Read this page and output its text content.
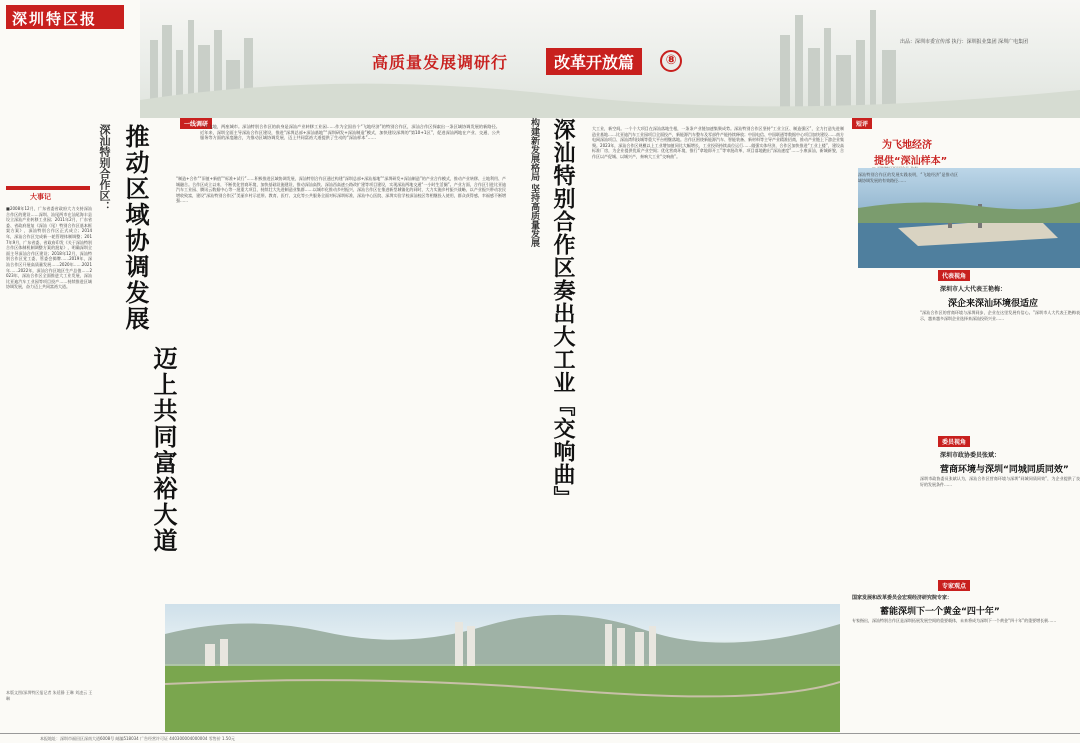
深圳特区报
高质量发展调研行	改革开放篇	⑧
出品：深圳市委宣传部 执行：深圳报业集团 深圳广电集团
大事记
■2008年12月，广东省委省政府大力支持深汕合作区的建设……深圳、汕尾两市在汕尾海丰县设立深汕产业转移工业园；2011年2月，广东省委、省政府批复《深汕（尾）特别合作区基本框架方案》，深汕特别合作区正式成立；2014年，深汕合作区完成新一轮管理体制调整；2017年9月，广东省委、省政府印发《关于深汕特别合作区体制机制调整方案的批复》，明确深圳全面主导深汕合作区建设；2018年12月，深汕特别合作区党工委、管委会揭牌……2019年，深汕合作区开展高质量发展……2020年……2021年……2022年，深汕合作区地区生产总值……2023年，深汕合作区全面推进大工业发展，深汕比亚迪汽车工业园等项目投产……持续推进区域协调发展，奋力迈上共同富裕大道。
本版文图/深圳特区报记者 朱延静 王琳 刘凌云 王琳
深汕特别合作区： 推动区域协调发展
迈上共同富裕大道
一线调研
一个飞地，两座城市。深汕特别合作区的前身是深汕产业转移工业园……作为全国首个“飞地经济”的特别合作区，深汕合作区探索出一条区域协调发展的新路径。近年来，深圳全面主导深汕合作区建设，推进“深圳总部+深汕基地”“深圳研发+深汕制造”模式，加快建设深圳的“第10+1区”，促进深汕两地在产业、交通、公共服务等方面的深度融合，为推动区域协调发展、迈上共同富裕大道提供了生动的“深汕样本”……
“制造+合作”“旧值+新值”“标准+试行”……积极推进区域协调发展，深汕特别合作区通过构建“深圳总部+深汕基地”“深圳研发+深汕制造”的产业合作模式，推动产业转移、土地利用、产城融合。合作区成立以来，不断优化营商环境，加快基础设施建设，推动深汕高铁、深汕西高速公路改扩建等项目建设，实现深汕两地交通“一小时生活圈”。产业方面，合作区引进比亚迪汽车工业园、腾讯云数据中心等一批重大项目，持续壮大先进制造业集群……以城市化推动乡村振兴，深汕合作区在推进新型城镇化的同时，大力实施乡村振兴战略，以产业振兴带动农民增收致富，建设“深汕特别合作区”美丽乡村示范带。教育、医疗、文化等公共服务全面对标深圳标准，深汕中心医院、深圳实验学校深汕校区等相继投入使用，群众获得感、幸福感不断增强……	构建新发展格局 坚持高质量发展 深汕特别合作区奏出大工业『交响曲』	大工业，新空间。一个个大项目在深汕落地生根，一条条产业链加速集聚成势。深汕特别合作区坚持“工业立区、制造强区”，全力打造先进制造业基地……比亚迪汽车工业园项目全面投产，新能源汽车整车及零部件产能持续释放；中国电信、中国联通等数据中心项目加快建设……南方电网深汕项目、深汕湾科技城等重大平台相继落地。合作区围绕新能源汽车、智能装备、新材料等主导产业精准招商，推动产业链上下游企业集聚。2023年，深汕合作区规模以上工业增加值同比大幅增长，工业投资持续高位运行……做强实体经济，合作区加快推进“工业上楼”，建设高标准厂房，为企业提供优质产业空间；优化营商环境，推行“拿地即开工”等审批改革，项目落地跑出“深汕速度”……小康深汕，新城新貌，合作区以产促城、以城兴产，奏响大工业“交响曲”。
短评
为飞地经济
提供“深汕样本”
深汕特别合作区的发展实践表明，“飞地经济”是推动区域协调发展的有效路径……
代表视角
深圳市人大代表王艳梅：
深企来深汕环境很适应
“深汕合作区的营商环境与深圳同步，企业在这里发展有信心。”深圳市人大代表王艳梅表示，越来越多深圳企业选择来深汕投资兴业……
委员视角
深圳市政协委员张斌：
营商环境与深圳“同城同质同效”
深圳市政协委员张斌认为，深汕合作区营商环境与深圳“同城同质同效”，为企业提供了良好的发展条件……
专家观点
国家发展和改革委员会宏观经济研究院专家：
蓄能深圳下一个黄金“四十年”
专家指出，深汕特别合作区是深圳拓展发展空间的重要载体，未来将成为深圳下一个黄金“四十年”的重要增长极……
本报地址：深圳市福田区深南大道6008号 邮编518034 广告经营许可证 440300004000004 零售价 1.50元
